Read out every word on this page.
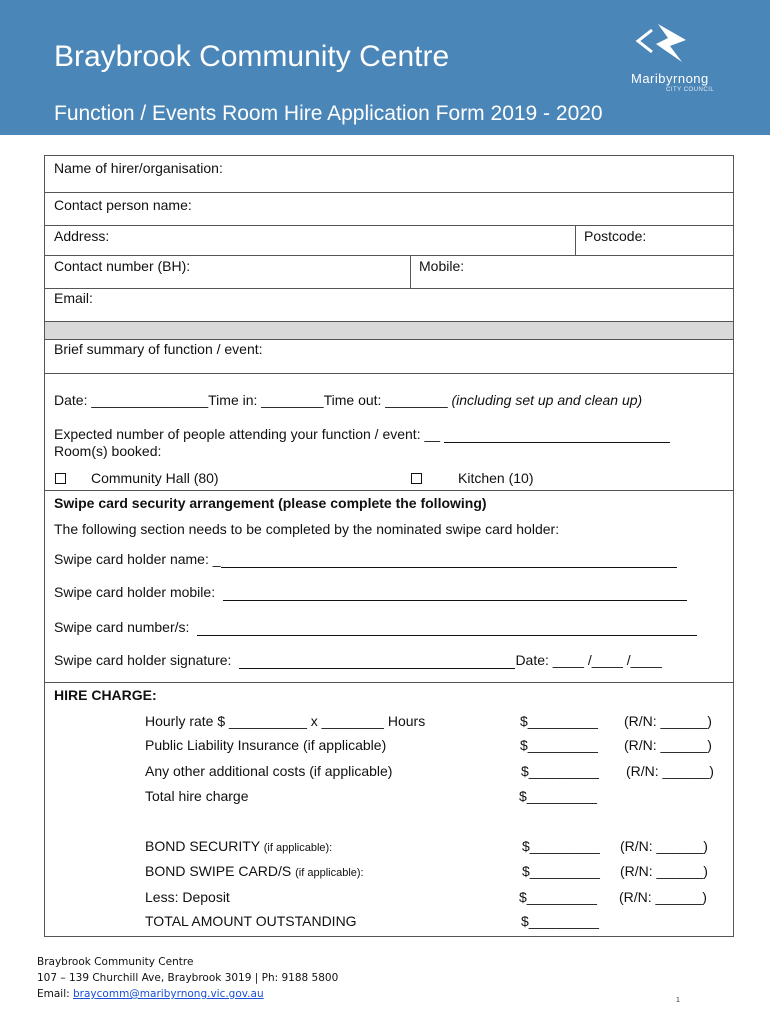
Braybrook Community Centre
Function / Events Room Hire Application Form 2019 - 2020
Maribyrnong
CITY COUNCIL
Name of hirer/organisation:
Contact person name:
Address:	Postcode:
Contact number (BH):	Mobile:
Email:
Brief summary of function / event:
Date: _______________Time in: ________Time out: ________ (including set up and clean up)
Expected number of people attending your function / event: __
Room(s) booked:
Community Hall (80)	Kitchen (10)
Swipe card security arrangement (please complete the following)
The following section needs to be completed by the nominated swipe card holder:
Swipe card holder name: _
Swipe card holder mobile:
Swipe card number/s:
Swipe card holder signature:	Date: ____ /____ /____
HIRE CHARGE:
Hourly rate $ __________ x ________ Hours	$_________ (R/N: ______)
Public Liability Insurance (if applicable)	$_________ (R/N: ______)
Any other additional costs (if applicable)	$_________ (R/N: ______)
Total hire charge	$_________
BOND SECURITY (if applicable):	$_________ (R/N: ______)
BOND SWIPE CARD/S (if applicable):	$_________ (R/N: ______)
Less: Deposit	$_________ (R/N: ______)
TOTAL AMOUNT OUTSTANDING	$_________
Braybrook Community Centre
107 – 139 Churchill Ave, Braybrook 3019 | Ph: 9188 5800
Email: braycomm@maribyrnong.vic.gov.au
1
